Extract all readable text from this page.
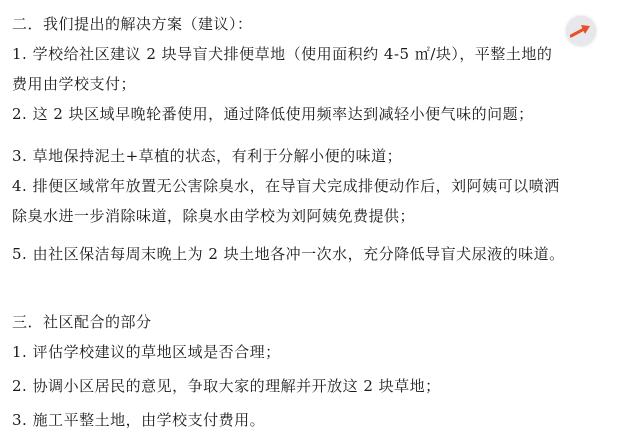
二．我们提出的解决方案（建议）：
1. 学校给社区建议 2 块导盲犬排便草地（使用面积约 4-5 ㎡/块），平整土地的
费用由学校支付；
2. 这 2 块区域早晚轮番使用，通过降低使用频率达到减轻小便气味的问题；
3. 草地保持泥土+草植的状态，有利于分解小便的味道；
4. 排便区域常年放置无公害除臭水，在导盲犬完成排便动作后，刘阿姨可以喷洒
除臭水进一步消除味道，除臭水由学校为刘阿姨免费提供；
5. 由社区保洁每周末晚上为 2 块土地各冲一次水，充分降低导盲犬尿液的味道。
三．社区配合的部分
1. 评估学校建议的草地区域是否合理；
2. 协调小区居民的意见，争取大家的理解并开放这 2 块草地；
3. 施工平整土地，由学校支付费用。
